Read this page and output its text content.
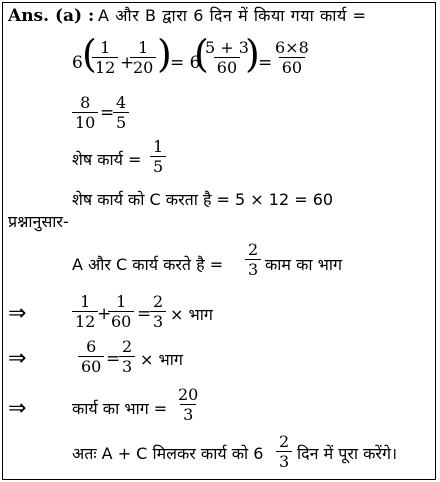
Ans. (a) : A और B द्वारा 6 दिन में किया गया कार्य =
6 (
$\frac{1}{12}$ +
$\frac{1}{20}$ )
= 6
(
$\frac{5 + 3}{60}$
)
= $\frac{6\times 8}{60}$
$\frac{8}{10}$ =
$\frac{4}{5}$
शेष कार्य = $\frac{1}{5}$
शेष कार्य को C करता है = 5 × 12 = 60
प्रश्नानुसार-
A और C कार्य करते है = $\frac{2}{3}$ काम का भाग
⇒	$\frac{1}{12}$
+
$\frac{1}{60}$ =
$\frac{2}{3}$ × भाग
⇒	$\frac{6}{60}$ =
$\frac{2}{3}$ × भाग
⇒	कार्य का भाग = $\frac{20}{3}$
अतः A + C मिलकर कार्य को $6 \frac{2}{3}$ दिन में पूरा करेंगे।
